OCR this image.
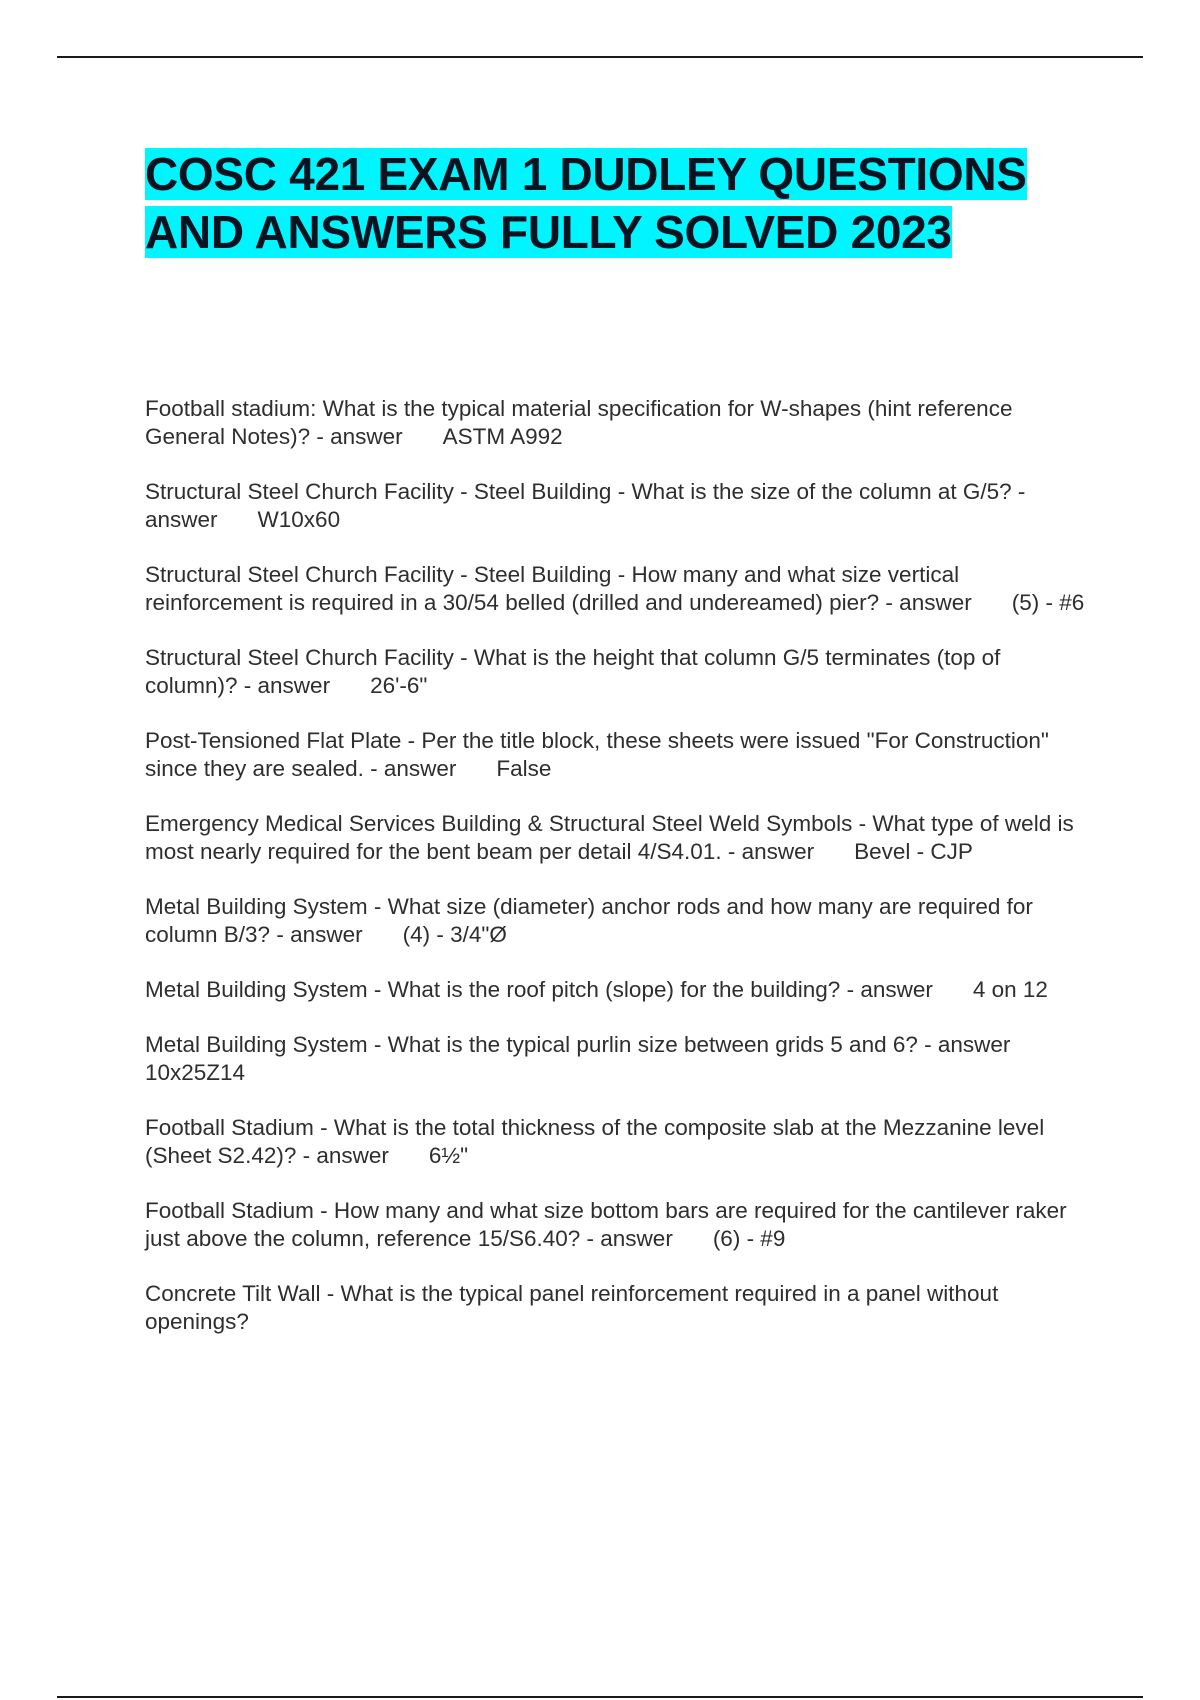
COSC 421 EXAM 1 DUDLEY QUESTIONS AND ANSWERS FULLY SOLVED 2023
Football stadium: What is the typical material specification for W-shapes (hint reference General Notes)? - answer ASTM A992
Structural Steel Church Facility - Steel Building - What is the size of the column at G/5? - answer W10x60
Structural Steel Church Facility - Steel Building - How many and what size vertical reinforcement is required in a 30/54 belled (drilled and undereamed) pier? - answer (5) - #6
Structural Steel Church Facility - What is the height that column G/5 terminates (top of column)? - answer 26'-6"
Post-Tensioned Flat Plate - Per the title block, these sheets were issued "For Construction" since they are sealed. - answer False
Emergency Medical Services Building & Structural Steel Weld Symbols - What type of weld is most nearly required for the bent beam per detail 4/S4.01. - answer Bevel - CJP
Metal Building System - What size (diameter) anchor rods and how many are required for column B/3? - answer (4) - 3/4"Ø
Metal Building System - What is the roof pitch (slope) for the building? - answer 4 on 12
Metal Building System - What is the typical purlin size between grids 5 and 6? - answer10x25Z14
Football Stadium - What is the total thickness of the composite slab at the Mezzanine level (Sheet S2.42)? - answer 6½"
Football Stadium - How many and what size bottom bars are required for the cantilever raker just above the column, reference 15/S6.40? - answer (6) - #9
Concrete Tilt Wall - What is the typical panel reinforcement required in a panel without openings?
